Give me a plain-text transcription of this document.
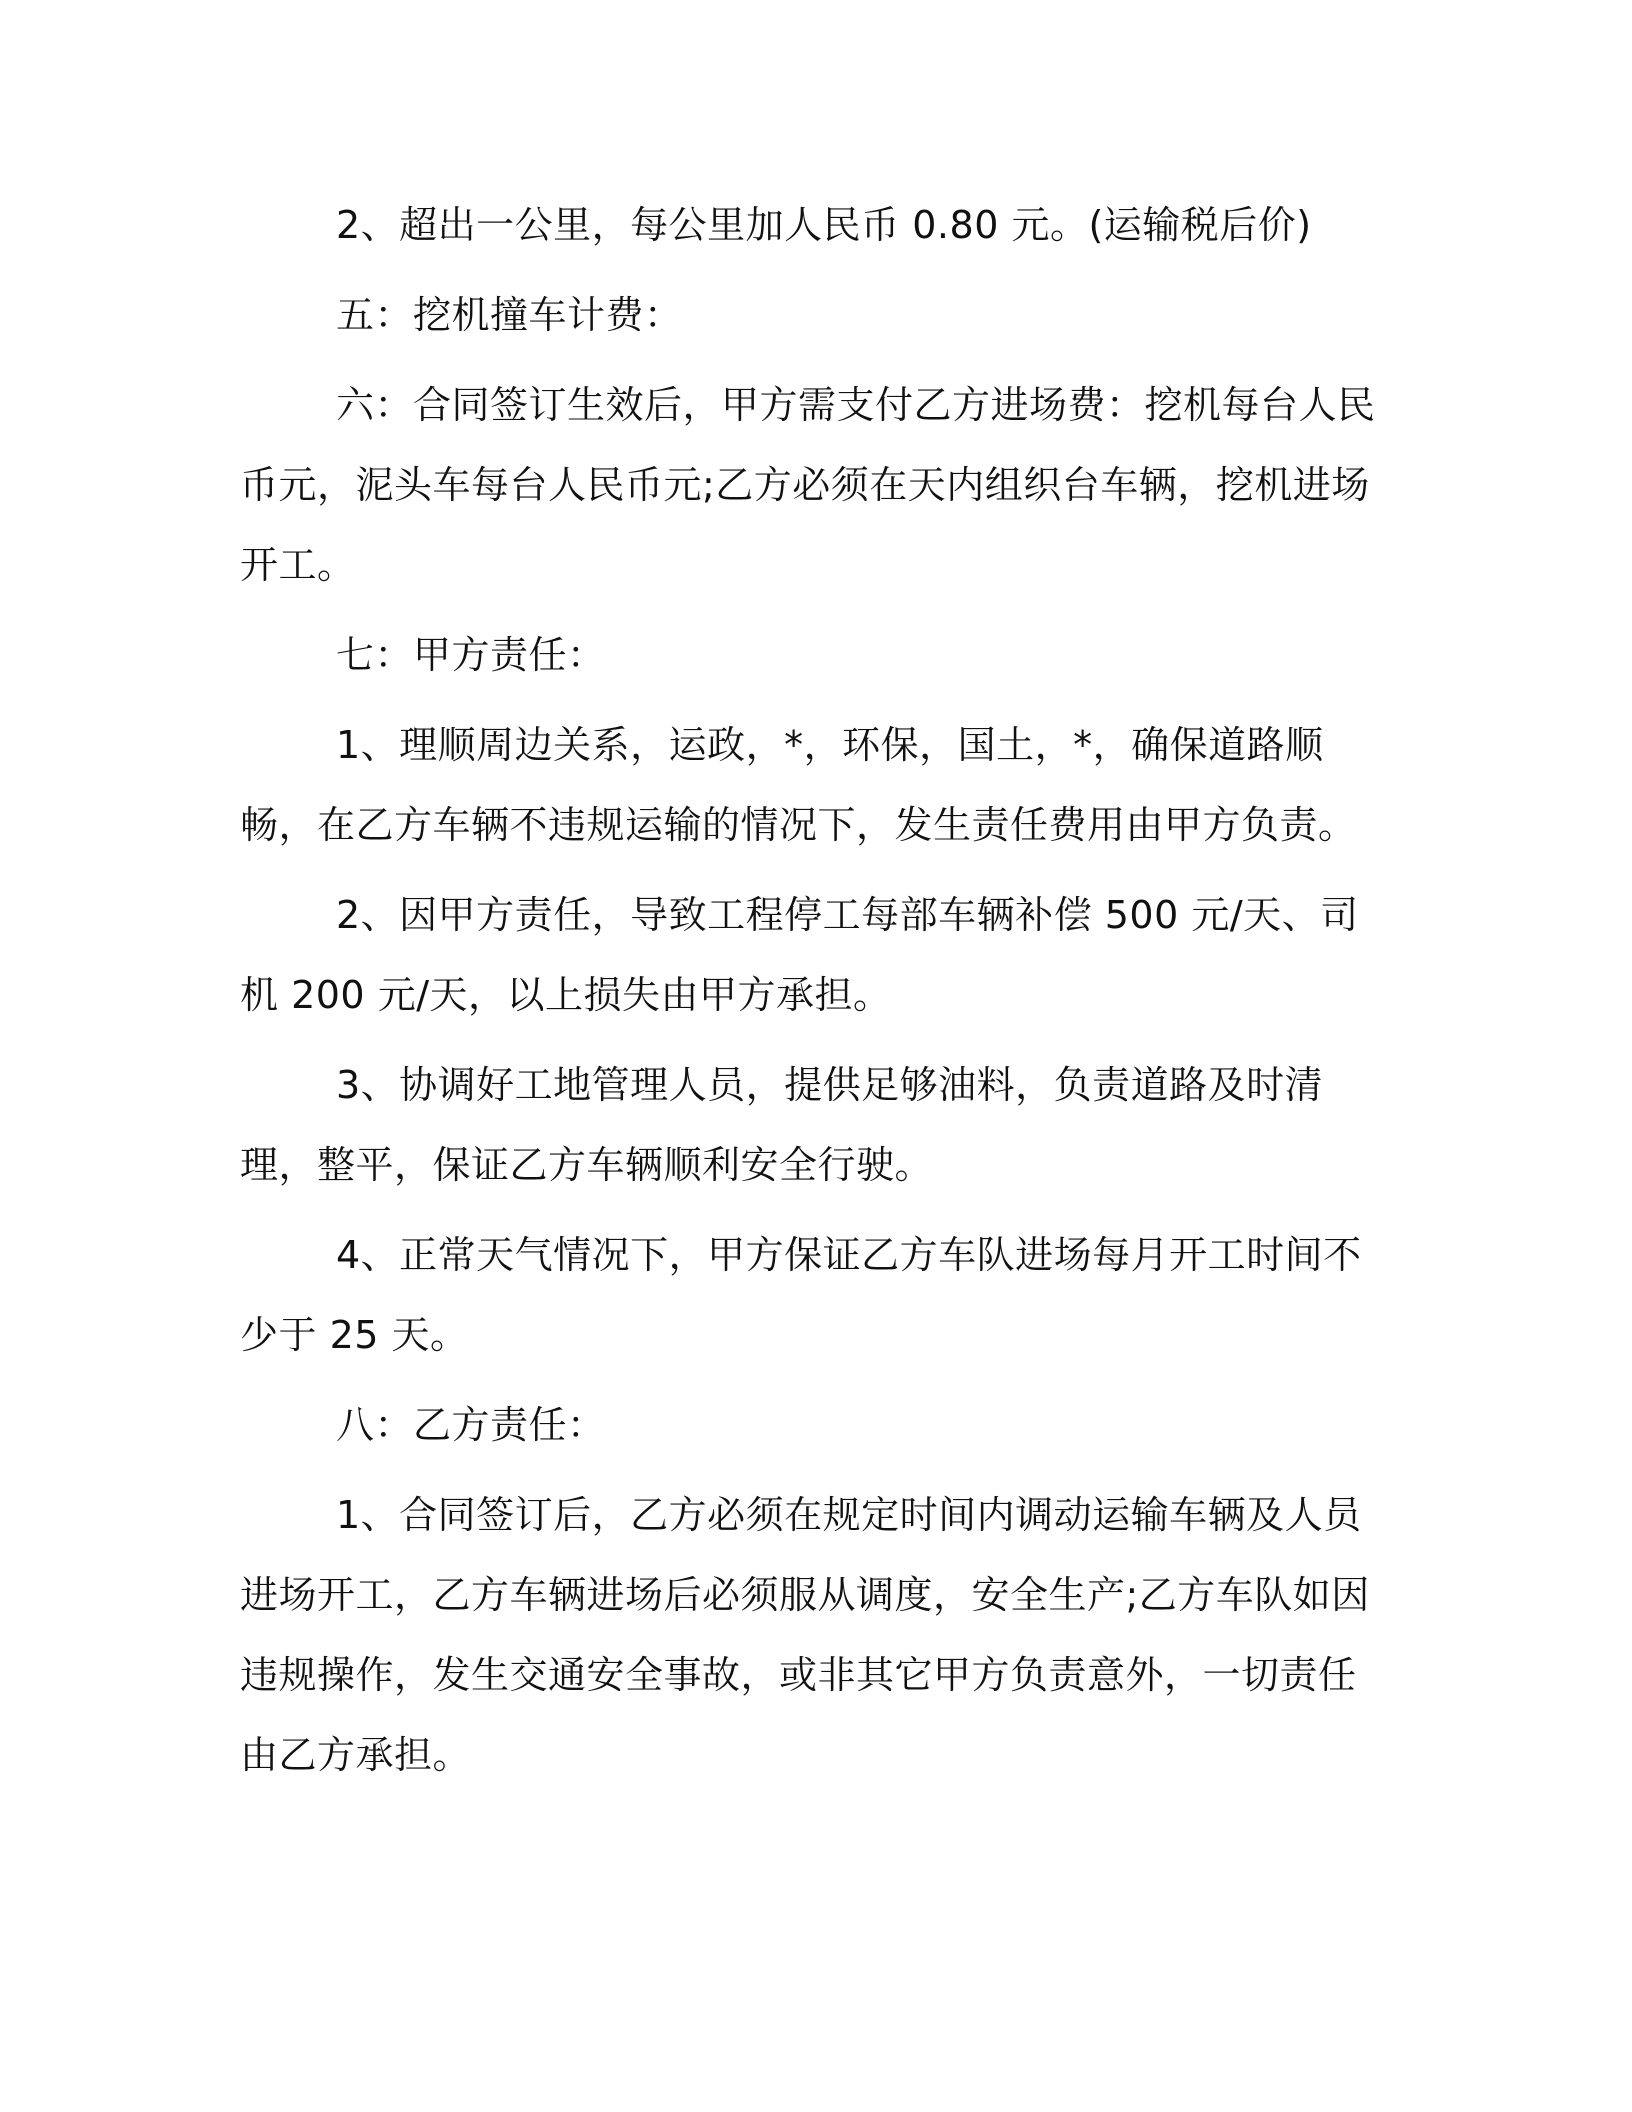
2、超出一公里，每公里加人民币 0.80 元。(运输税后价)

五：挖机撞车计费：

六：合同签订生效后，甲方需支付乙方进场费：挖机每台人民币元，泥头车每台人民币元;乙方必须在天内组织台车辆，挖机进场开工。

七：甲方责任：

1、理顺周边关系，运政，*，环保，国土，*，确保道路顺畅，在乙方车辆不违规运输的情况下，发生责任费用由甲方负责。

2、因甲方责任，导致工程停工每部车辆补偿 500 元/天、司机 200 元/天，以上损失由甲方承担。

3、协调好工地管理人员，提供足够油料，负责道路及时清理，整平，保证乙方车辆顺利安全行驶。

4、正常天气情况下，甲方保证乙方车队进场每月开工时间不少于 25 天。

八：乙方责任：

1、合同签订后，乙方必须在规定时间内调动运输车辆及人员进场开工，乙方车辆进场后必须服从调度，安全生产;乙方车队如因违规操作，发生交通安全事故，或非其它甲方负责意外，一切责任由乙方承担。
